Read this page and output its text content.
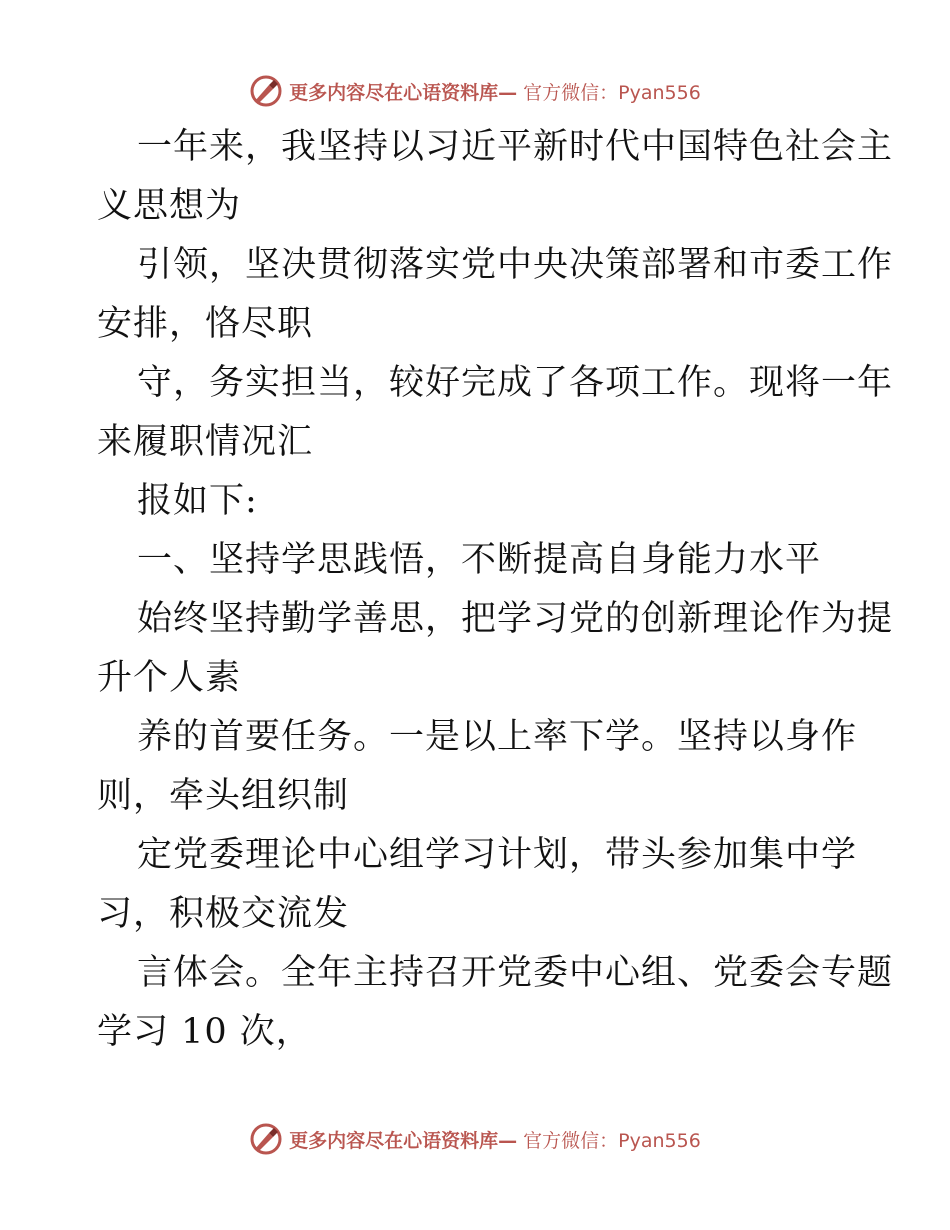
更多内容尽在心语资料库— 官方微信：Pyan556
一年来，我坚持以习近平新时代中国特色社会主
义思想为
引领，坚决贯彻落实党中央决策部署和市委工作
安排，恪尽职
守，务实担当，较好完成了各项工作。现将一年
来履职情况汇
报如下:
一、坚持学思践悟，不断提高自身能力水平
始终坚持勤学善思，把学习党的创新理论作为提
升个人素
养的首要任务。一是以上率下学。坚持以身作
则，牵头组织制
定党委理论中心组学习计划，带头参加集中学
习，积极交流发
言体会。全年主持召开党委中心组、党委会专题
学习 10 次，
更多内容尽在心语资料库— 官方微信：Pyan556
